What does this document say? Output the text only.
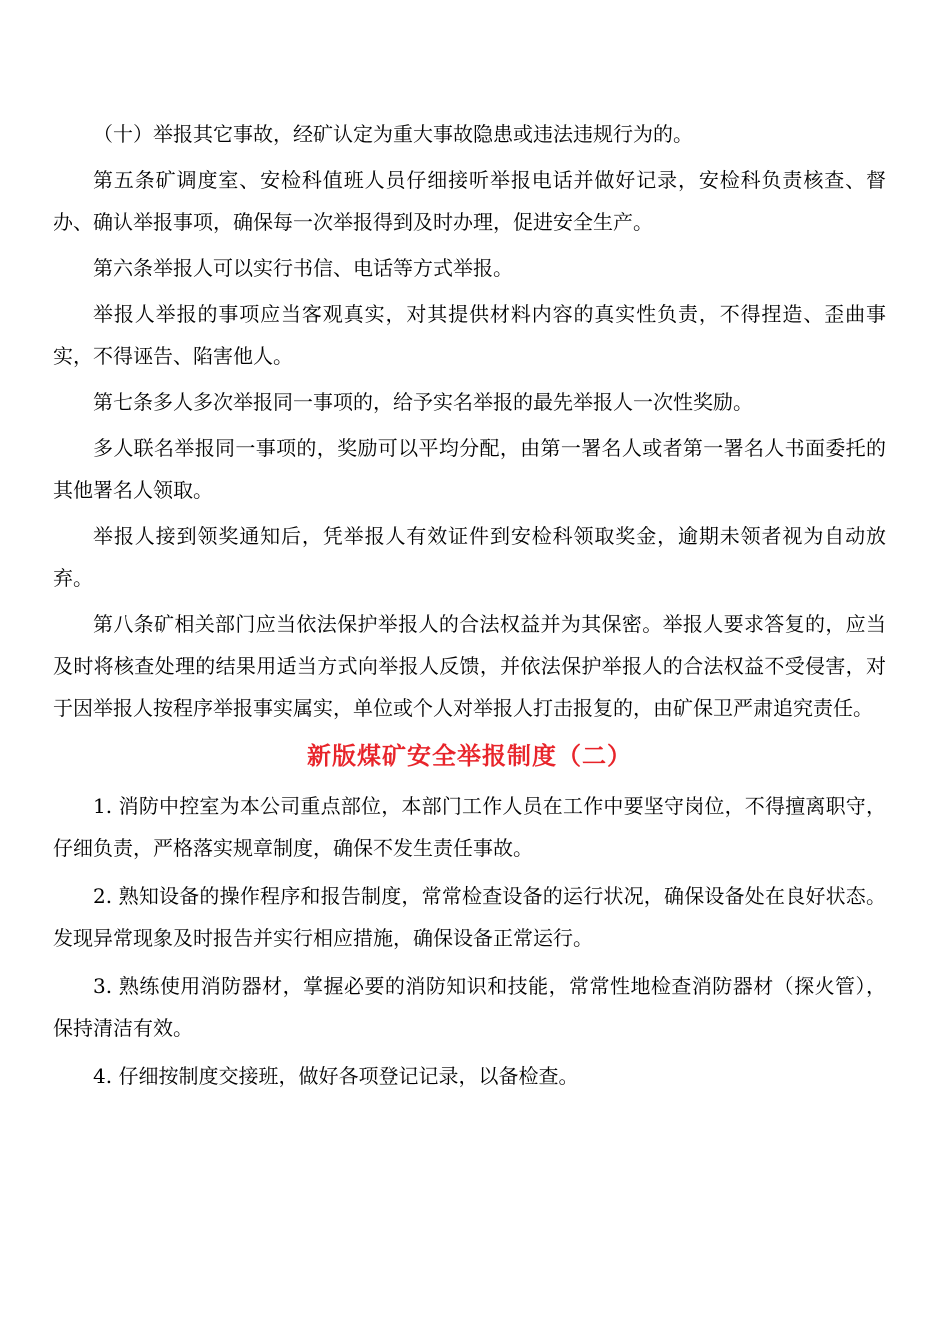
（十）举报其它事故，经矿认定为重大事故隐患或违法违规行为的。

第五条矿调度室、安检科值班人员仔细接听举报电话并做好记录，安检科负责核查、督办、确认举报事项，确保每一次举报得到及时办理，促进安全生产。

第六条举报人可以实行书信、电话等方式举报。

举报人举报的事项应当客观真实，对其提供材料内容的真实性负责，不得捏造、歪曲事实，不得诬告、陷害他人。

第七条多人多次举报同一事项的，给予实名举报的最先举报人一次性奖励。

多人联名举报同一事项的，奖励可以平均分配，由第一署名人或者第一署名人书面委托的其他署名人领取。

举报人接到领奖通知后，凭举报人有效证件到安检科领取奖金，逾期未领者视为自动放弃。

第八条矿相关部门应当依法保护举报人的合法权益并为其保密。举报人要求答复的，应当及时将核查处理的结果用适当方式向举报人反馈，并依法保护举报人的合法权益不受侵害，对于因举报人按程序举报事实属实，单位或个人对举报人打击报复的，由矿保卫严肃追究责任。

新版煤矿安全举报制度（二）

1. 消防中控室为本公司重点部位，本部门工作人员在工作中要坚守岗位，不得擅离职守，仔细负责，严格落实规章制度，确保不发生责任事故。

2. 熟知设备的操作程序和报告制度，常常检查设备的运行状况，确保设备处在良好状态。发现异常现象及时报告并实行相应措施，确保设备正常运行。

3. 熟练使用消防器材，掌握必要的消防知识和技能，常常性地检查消防器材（探火管），保持清洁有效。

4. 仔细按制度交接班，做好各项登记记录，以备检查。
